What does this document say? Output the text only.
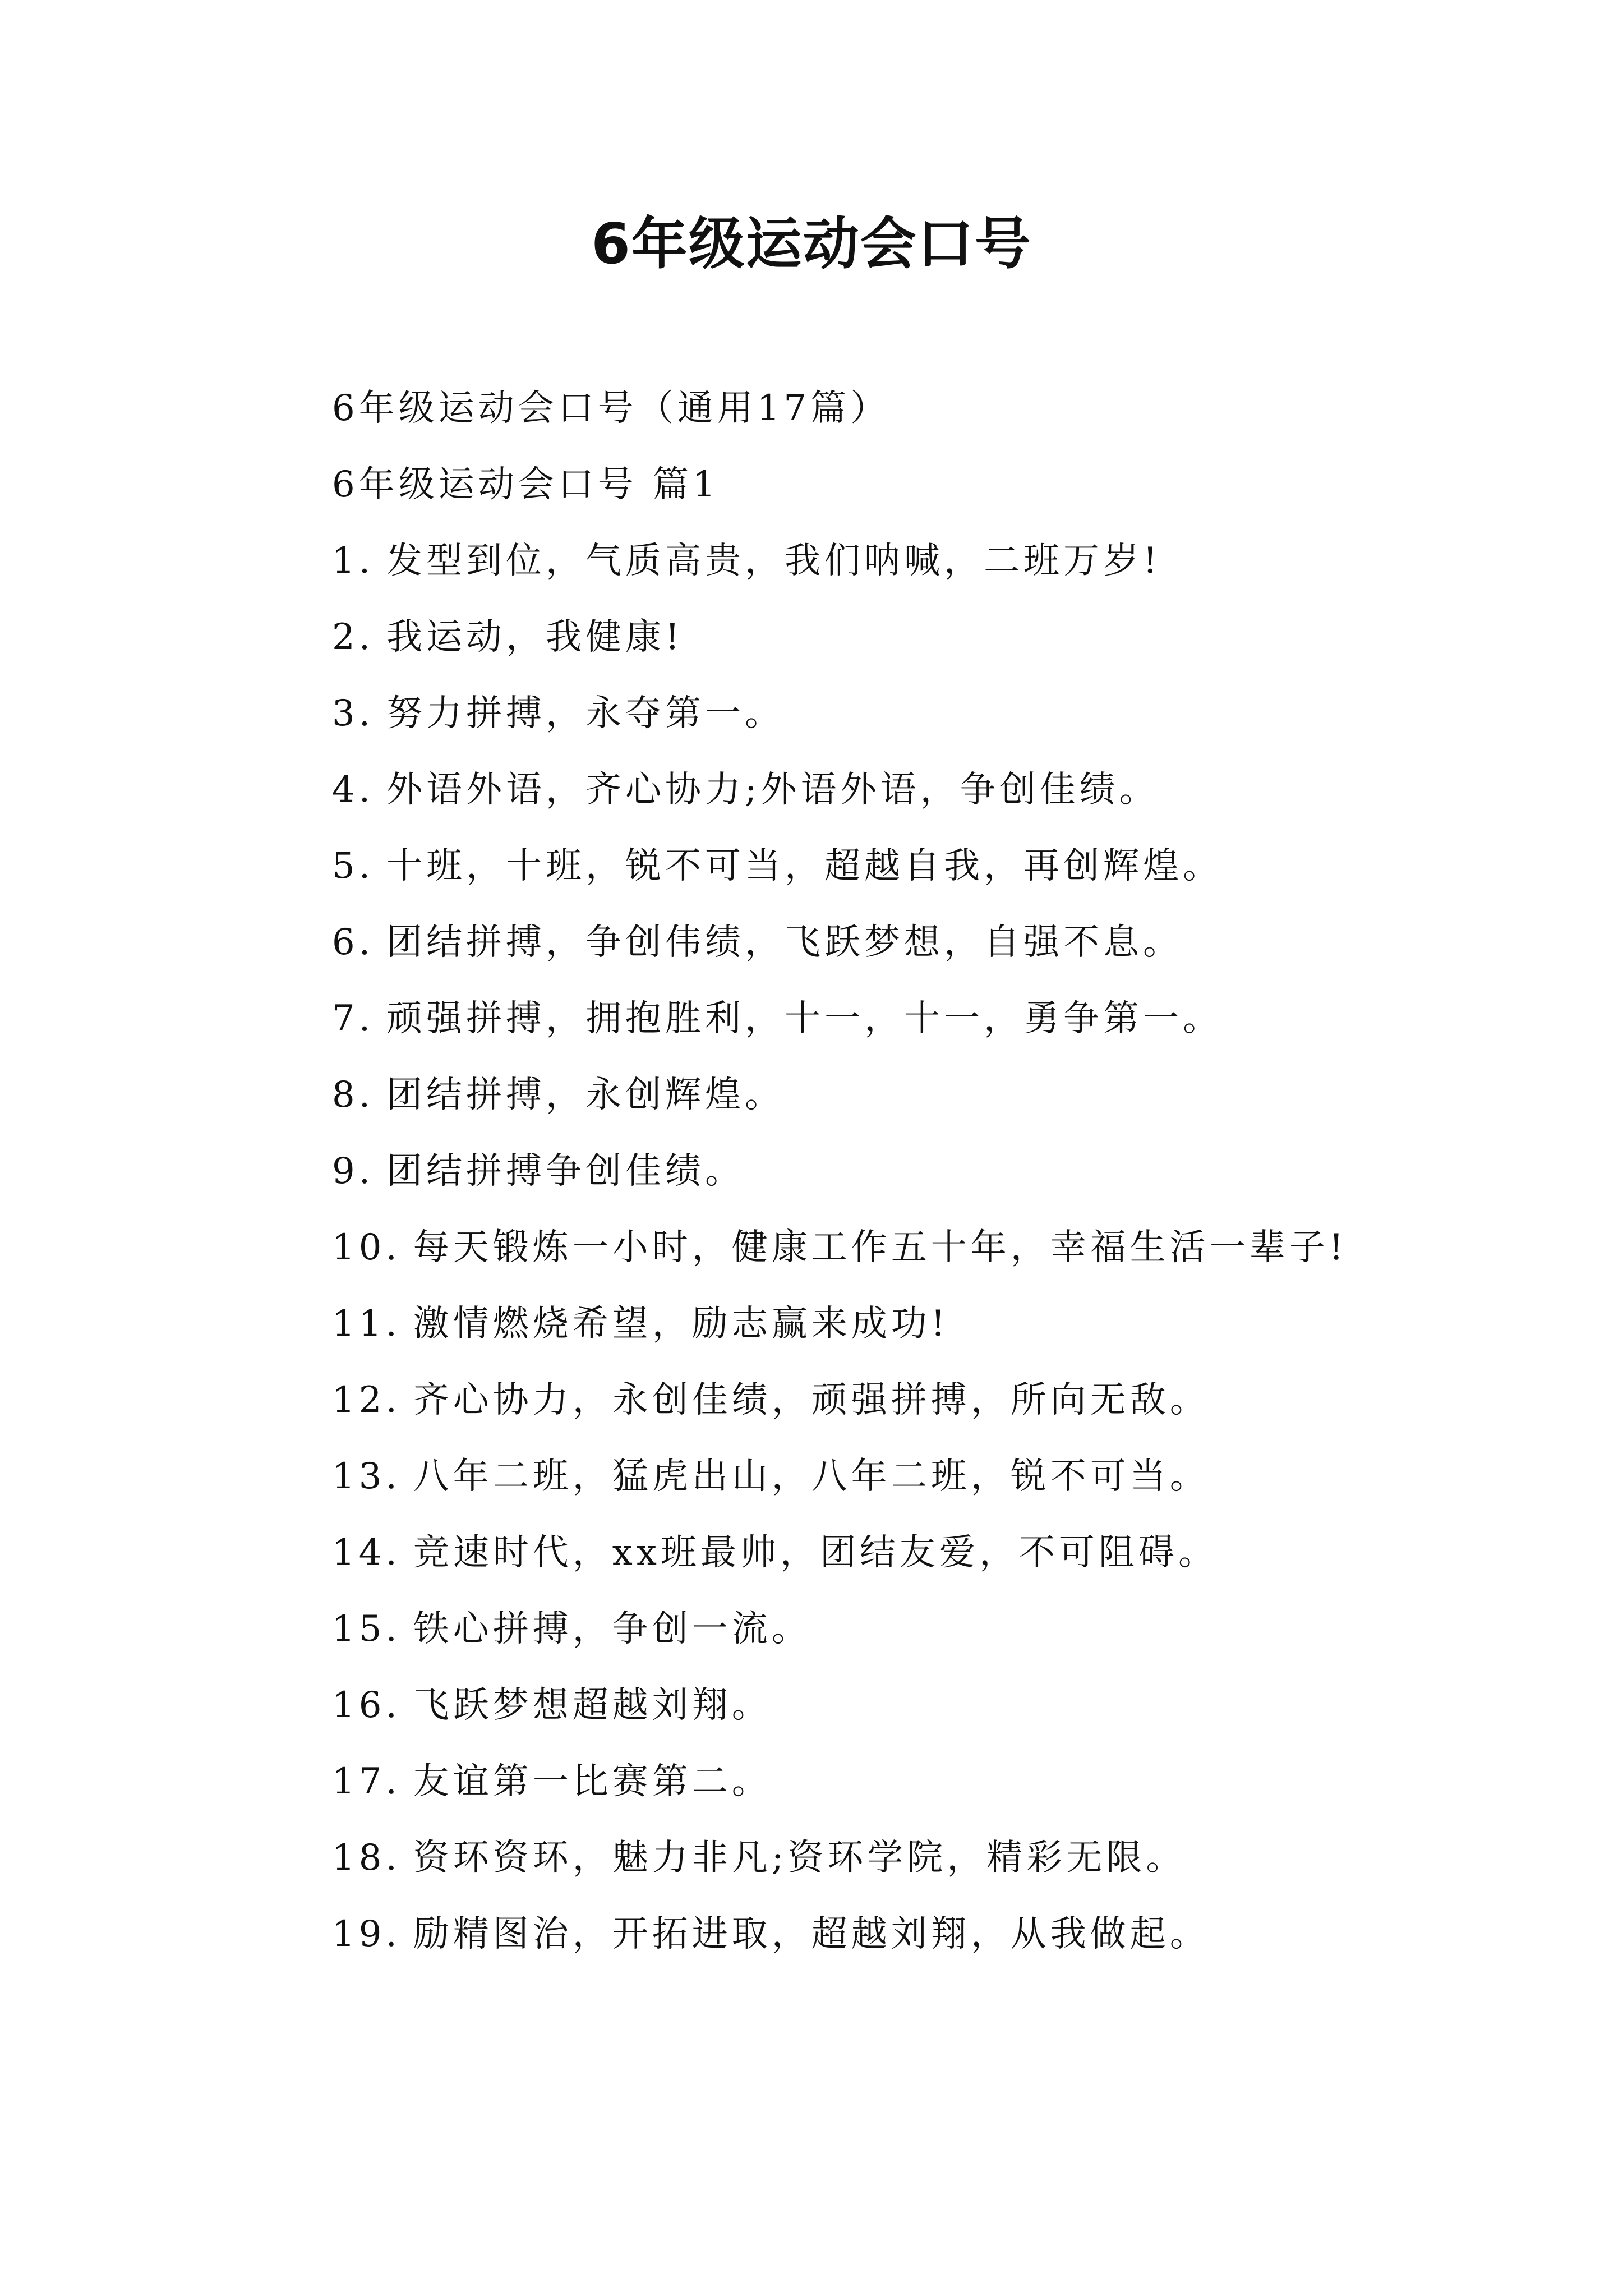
6年级运动会口号

6年级运动会口号（通用17篇）

6年级运动会口号 篇1

1. 发型到位，气质高贵，我们呐喊，二班万岁!

2. 我运动，我健康!

3. 努力拼搏，永夺第一。

4. 外语外语，齐心协力;外语外语，争创佳绩。

5. 十班，十班，锐不可当，超越自我，再创辉煌。

6. 团结拼搏，争创伟绩，飞跃梦想，自强不息。

7. 顽强拼搏，拥抱胜利，十一，十一，勇争第一。

8. 团结拼搏，永创辉煌。

9. 团结拼搏争创佳绩。

10. 每天锻炼一小时，健康工作五十年，幸福生活一辈子!

11. 激情燃烧希望，励志赢来成功!

12. 齐心协力，永创佳绩，顽强拼搏，所向无敌。

13. 八年二班，猛虎出山，八年二班，锐不可当。

14. 竞速时代，xx班最帅，团结友爱，不可阻碍。

15. 铁心拼搏，争创一流。

16. 飞跃梦想超越刘翔。

17. 友谊第一比赛第二。

18. 资环资环，魅力非凡;资环学院，精彩无限。

19. 励精图治，开拓进取，超越刘翔，从我做起。
